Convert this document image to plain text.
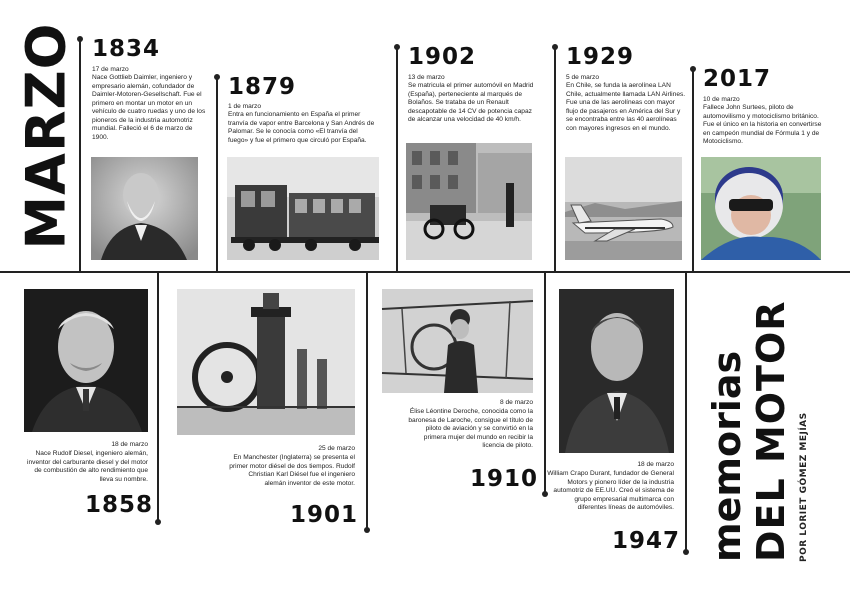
MARZO 1834
17 de marzo
Nace Gottlieb Daimler, ingeniero y empresario alemán, cofundador de Daimler-Motoren-Gesellschaft. Fue el primero en montar un motor en un vehículo de cuatro ruedas y uno de los pioneros de la industria automotriz mundial. Falleció el 6 de marzo de 1900.
1879
1 de marzo
Entra en funcionamiento en España el primer tranvía de vapor entre Barcelona y San Andrés de Palomar. Se le conocía como «El tranvía del fuego» y fue el primero que circuló por España.
1902
13 de marzo
Se matricula el primer automóvil en Madrid (España), perteneciente al marqués de Bolaños. Se trataba de un Renault descapotable de 14 CV de potencia capaz de alcanzar una velocidad de 40 km/h.
1929
5 de marzo
En Chile, se funda la aerolínea LAN Chile, actualmente llamada LAN Airlines. Fue una de las aerolíneas con mayor flujo de pasajeros en América del Sur y se encontraba entre las 40 aerolíneas con mayores ingresos en el mundo.
2017
10 de marzo
Fallece John Surtees, piloto de automovilismo y motociclismo británico. Fue el único en la historia en convertirse en campeón mundial de Fórmula 1 y de Motociclismo.
18 de marzo
Nace Rudolf Diesel, ingeniero alemán, inventor del carburante diesel y del motor de combustión de alto rendimiento que lleva su nombre.
1858
25 de marzo
En Manchester (Inglaterra) se presenta el primer motor diésel de dos tiempos. Rudolf Christian Karl Diésel fue el ingeniero alemán inventor de este motor.
1901
8 de marzo
Élise Léontine Deroche, conocida como la baronesa de Laroche, consigue el título de piloto de aviación y se convirtió en la primera mujer del mundo en recibir la licencia de piloto.
1910
18 de marzo
William Crapo Durant, fundador de General Motors y pionero líder de la industria automotriz de EE.UU. Creó el sistema de grupo empresarial multimarca con diferentes líneas de automóviles.
1947 memorias DEL MOTOR POR LORIET GÓMEZ MEJÍAS
